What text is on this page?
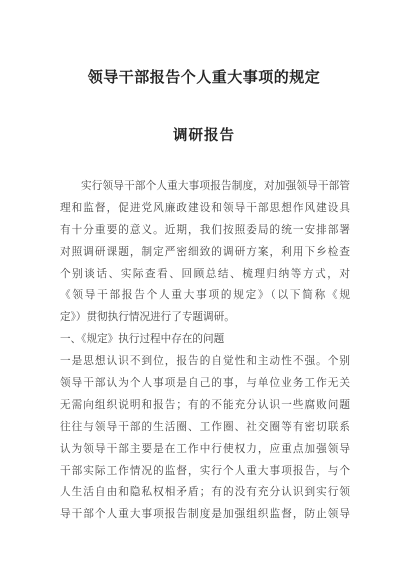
领导干部报告个人重大事项的规定
调研报告
实行领导干部个人重大事项报告制度，对加强领导干部管
理和监督，促进党风廉政建设和领导干部思想作风建设具
有十分重要的意义。近期，我们按照委局的统一安排部署
对照调研课题，制定严密细致的调研方案，利用下乡检查
个别谈话、实际查看、回顾总结、梳理归纳等方式，对
《领导干部报告个人重大事项的规定》（以下简称《规
定》）贯彻执行情况进行了专题调研。
一、《规定》执行过程中存在的问题
一是思想认识不到位，报告的自觉性和主动性不强。个别
领导干部认为个人事项是自己的事，与单位业务工作无关
无需向组织说明和报告；有的不能充分认识一些腐败问题
往往与领导干部的生活圈、工作圈、社交圈等有密切联系
认为领导干部主要是在工作中行使权力，应重点加强领导
干部实际工作情况的监督，实行个人重大事项报告，与个
人生活自由和隐私权相矛盾；有的没有充分认识到实行领
导干部个人重大事项报告制度是加强组织监督，防止领导
